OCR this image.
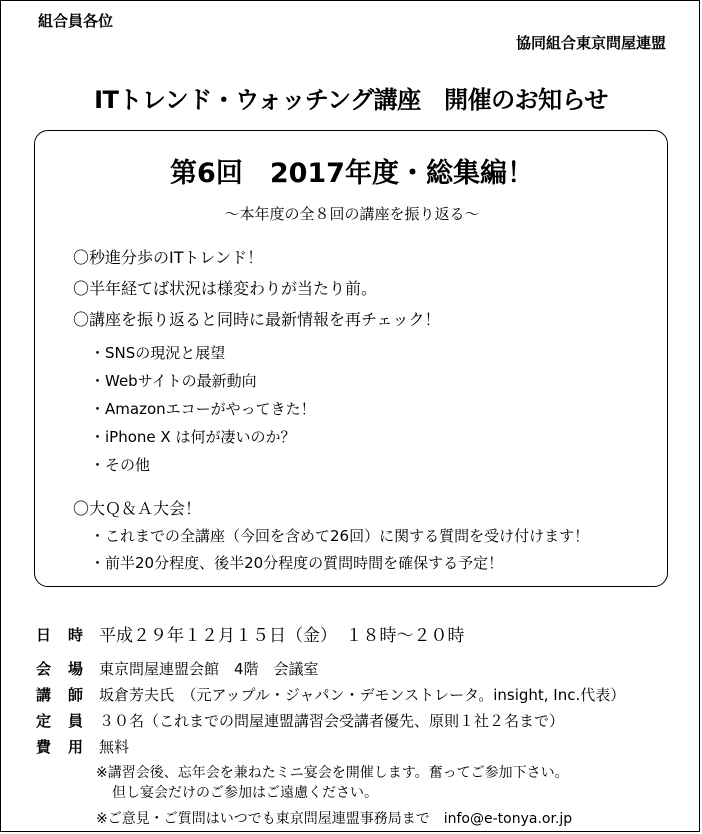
組合員各位
協同組合東京問屋連盟
ITトレンド・ウォッチング講座　開催のお知らせ
第6回　2017年度・総集編！
〜本年度の全８回の講座を振り返る〜
〇秒進分歩のITトレンド！
〇半年経てば状況は様変わりが当たり前。
〇講座を振り返ると同時に最新情報を再チェック！
・SNSの現況と展望
・Webサイトの最新動向
・Amazonエコーがやってきた！
・iPhone X は何が凄いのか？
・その他
〇大Ｑ＆Ａ大会！
・これまでの全講座（今回を含めて26回）に関する質問を受け付けます！
・前半20分程度、後半20分程度の質問時間を確保する予定！
日 時 平成２９年１２月１５日（金）　１８時〜２０時
会 場 東京問屋連盟会館　4階　会議室
講 師 坂倉芳夫氏　（元アップル・ジャパン・デモンストレータ。insight, Inc.代表）
定 員 ３０名（これまでの問屋連盟講習会受講者優先、原則１社２名まで）
費 用 無料
※講習会後、忘年会を兼ねたミニ宴会を開催します。奮ってご参加下さい。
但し宴会だけのご参加はご遠慮ください。
※ご意見・ご質問はいつでも東京問屋連盟事務局まで　info@e-tonya.or.jp
